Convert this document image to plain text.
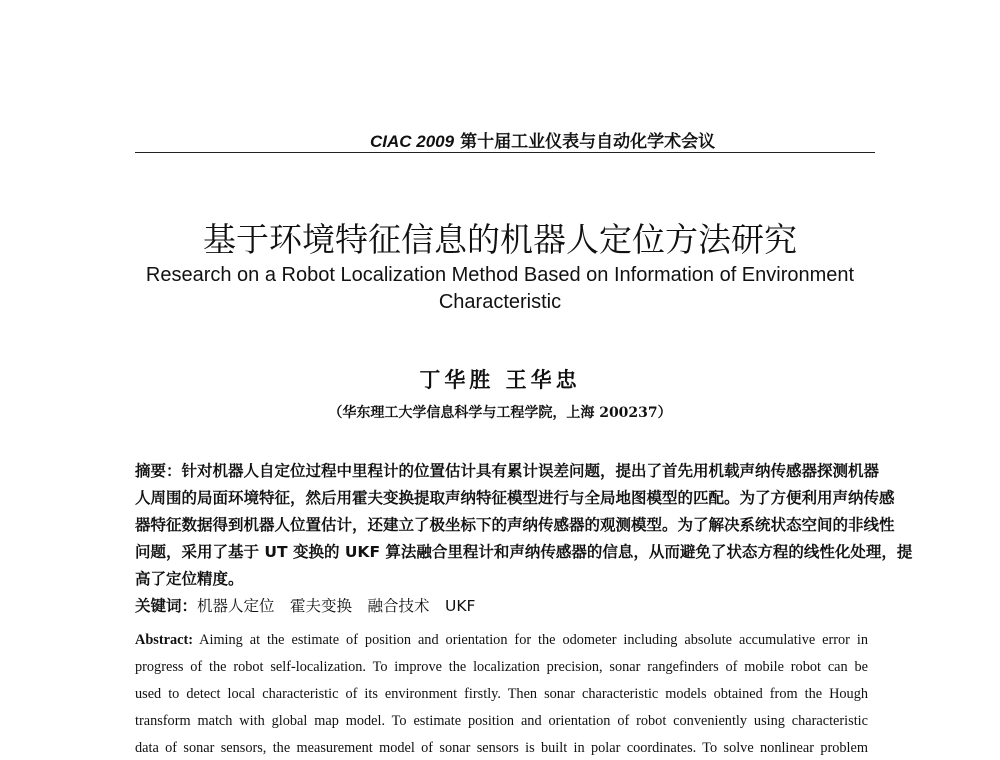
CIAC 2009 第十届工业仪表与自动化学术会议
基于环境特征信息的机器人定位方法研究
Research on a Robot Localization Method Based on Information of Environment
Characteristic
丁华胜 王华忠
（华东理工大学信息科学与工程学院，上海 200237）
摘要：针对机器人自定位过程中里程计的位置估计具有累计误差问题，提出了首先用机载声纳传感器探测机器
人周围的局面环境特征，然后用霍夫变换提取声纳特征模型进行与全局地图模型的匹配。为了方便利用声纳传感
器特征数据得到机器人位置估计，还建立了极坐标下的声纳传感器的观测模型。为了解决系统状态空间的非线性
问题，采用了基于 UT 变换的 UKF 算法融合里程计和声纳传感器的信息，从而避免了状态方程的线性化处理，提
高了定位精度。
关键词：机器人定位　霍夫变换　融合技术　UKF
Abstract: Aiming at the estimate of position and orientation for the odometer including absolute accumulative error in
progress of the robot self-localization. To improve the localization precision, sonar rangefinders of mobile robot can be
used to detect local characteristic of its environment firstly. Then sonar characteristic models obtained from the Hough
transform match with global map model. To estimate position and orientation of robot conveniently using characteristic
data of sonar sensors, the measurement model of sonar sensors is built in polar coordinates. To solve nonlinear problem
